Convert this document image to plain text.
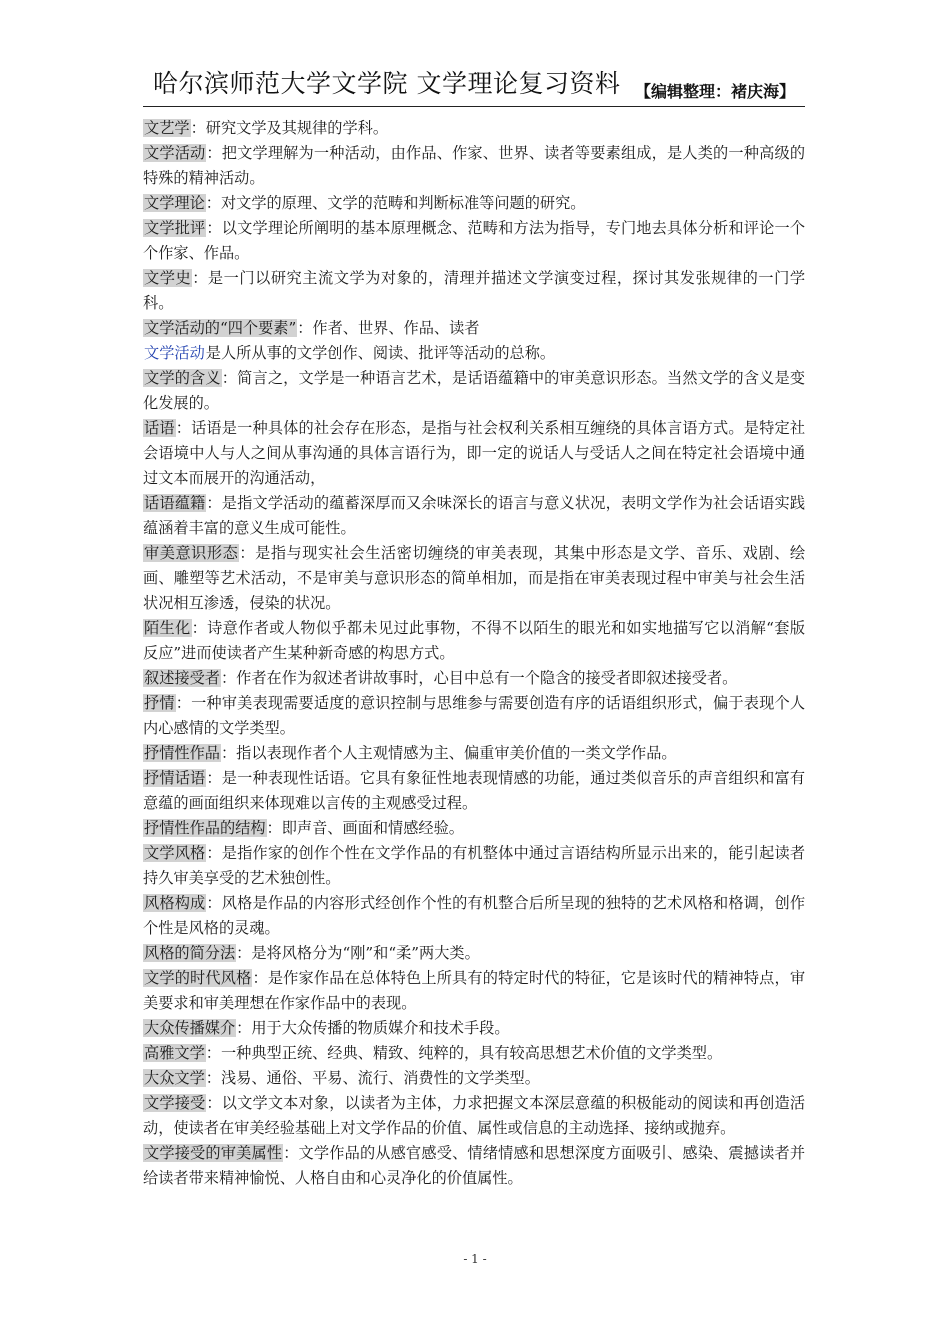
哈尔滨师范大学文学院 文学理论复习资料 【编辑整理：褚庆海】

文艺学：研究文学及其规律的学科。

文学活动：把文学理解为一种活动，由作品、作家、世界、读者等要素组成，是人类的一种高级的特殊的精神活动。

文学理论：对文学的原理、文学的范畴和判断标准等问题的研究。

文学批评：以文学理论所阐明的基本原理概念、范畴和方法为指导，专门地去具体分析和评论一个个作家、作品。

文学史：是一门以研究主流文学为对象的，清理并描述文学演变过程，探讨其发张规律的一门学科。

文学活动的“四个要素”：作者、世界、作品、读者

文学活动是人所从事的文学创作、阅读、批评等活动的总称。

文学的含义：简言之，文学是一种语言艺术，是话语蕴籍中的审美意识形态。当然文学的含义是变化发展的。

话语：话语是一种具体的社会存在形态，是指与社会权利关系相互缠绕的具体言语方式。是特定社会语境中人与人之间从事沟通的具体言语行为，即一定的说话人与受话人之间在特定社会语境中通过文本而展开的沟通活动，

话语蕴籍：是指文学活动的蕴蓄深厚而又余味深长的语言与意义状况，表明文学作为社会话语实践蕴涵着丰富的意义生成可能性。

审美意识形态：是指与现实社会生活密切缠绕的审美表现，其集中形态是文学、音乐、戏剧、绘画、雕塑等艺术活动，不是审美与意识形态的简单相加，而是指在审美表现过程中审美与社会生活状况相互渗透，侵染的状况。

陌生化：诗意作者或人物似乎都未见过此事物，不得不以陌生的眼光和如实地描写它以消解“套版反应”进而使读者产生某种新奇感的构思方式。

叙述接受者：作者在作为叙述者讲故事时，心目中总有一个隐含的接受者即叙述接受者。

抒情：一种审美表现需要适度的意识控制与思维参与需要创造有序的话语组织形式，偏于表现个人内心感情的文学类型。

抒情性作品：指以表现作者个人主观情感为主、偏重审美价值的一类文学作品。

抒情话语：是一种表现性话语。它具有象征性地表现情感的功能，通过类似音乐的声音组织和富有意蕴的画面组织来体现难以言传的主观感受过程。

抒情性作品的结构：即声音、画面和情感经验。

文学风格：是指作家的创作个性在文学作品的有机整体中通过言语结构所显示出来的，能引起读者持久审美享受的艺术独创性。

风格构成：风格是作品的内容形式经创作个性的有机整合后所呈现的独特的艺术风格和格调，创作个性是风格的灵魂。

风格的简分法：是将风格分为“刚”和“柔”两大类。

文学的时代风格：是作家作品在总体特色上所具有的特定时代的特征，它是该时代的精神特点，审美要求和审美理想在作家作品中的表现。

大众传播媒介：用于大众传播的物质媒介和技术手段。

高雅文学：一种典型正统、经典、精致、纯粹的，具有较高思想艺术价值的文学类型。

大众文学：浅易、通俗、平易、流行、消费性的文学类型。

文学接受：以文学文本对象，以读者为主体，力求把握文本深层意蕴的积极能动的阅读和再创造活动，使读者在审美经验基础上对文学作品的价值、属性或信息的主动选择、接纳或抛弃。

文学接受的审美属性：文学作品的从感官感受、情绪情感和思想深度方面吸引、感染、震撼读者并给读者带来精神愉悦、人格自由和心灵净化的价值属性。

- 1 -
